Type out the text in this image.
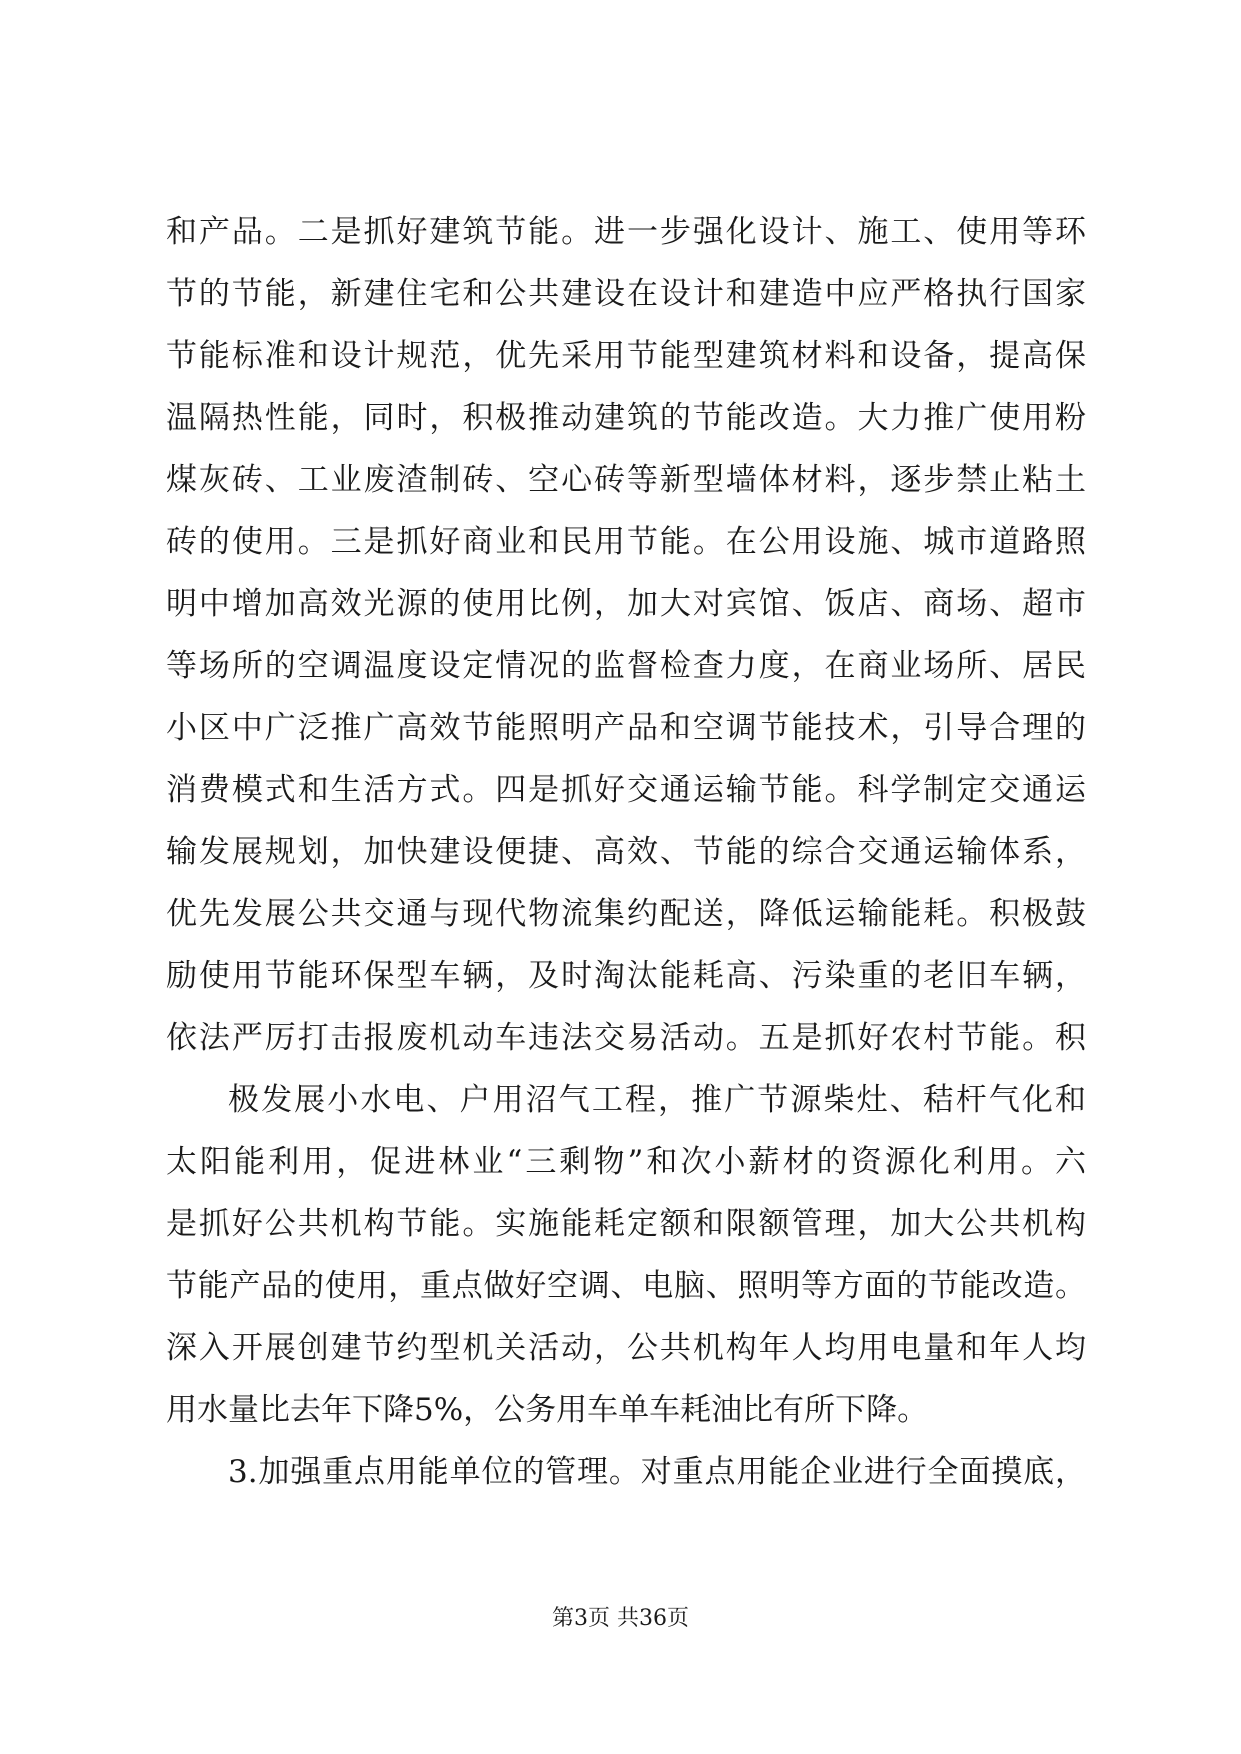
和产品。二是抓好建筑节能。进一步强化设计、施工、使用等环
节的节能，新建住宅和公共建设在设计和建造中应严格执行国家
节能标准和设计规范，优先采用节能型建筑材料和设备，提高保
温隔热性能，同时，积极推动建筑的节能改造。大力推广使用粉
煤灰砖、工业废渣制砖、空心砖等新型墙体材料，逐步禁止粘土
砖的使用。三是抓好商业和民用节能。在公用设施、城市道路照
明中增加高效光源的使用比例，加大对宾馆、饭店、商场、超市
等场所的空调温度设定情况的监督检查力度，在商业场所、居民
小区中广泛推广高效节能照明产品和空调节能技术，引导合理的
消费模式和生活方式。四是抓好交通运输节能。科学制定交通运
输发展规划，加快建设便捷、高效、节能的综合交通运输体系，
优先发展公共交通与现代物流集约配送，降低运输能耗。积极鼓
励使用节能环保型车辆，及时淘汰能耗高、污染重的老旧车辆，
依法严厉打击报废机动车违法交易活动。五是抓好农村节能。积
极发展小水电、户用沼气工程，推广节源柴灶、秸杆气化和
太阳能利用，促进林业“三剩物”和次小薪材的资源化利用。六
是抓好公共机构节能。实施能耗定额和限额管理，加大公共机构
节能产品的使用，重点做好空调、电脑、照明等方面的节能改造。
深入开展创建节约型机关活动，公共机构年人均用电量和年人均
用水量比去年下降5%，公务用车单车耗油比有所下降。
3.加强重点用能单位的管理。对重点用能企业进行全面摸底，
第3页 共36页
